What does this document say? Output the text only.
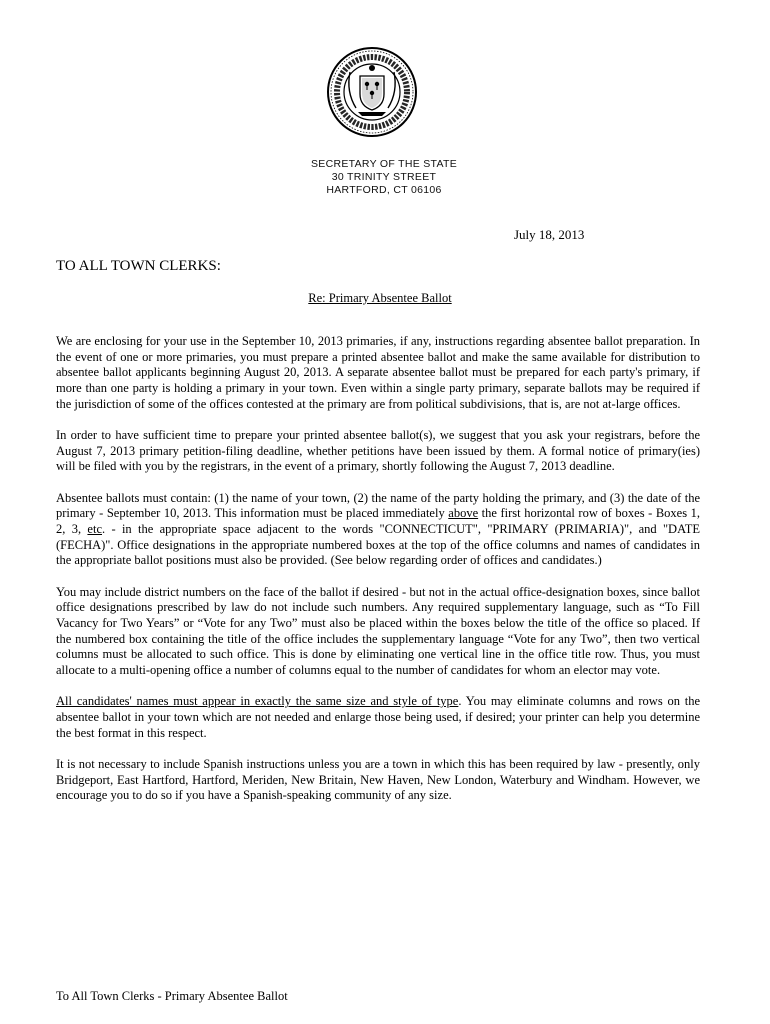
SECRETARY OF THE STATE
30 TRINITY STREET
HARTFORD, CT 06106
July 18, 2013
TO ALL TOWN CLERKS:
Re: Primary Absentee Ballot

We are enclosing for your use in the September 10, 2013 primaries, if any, instructions regarding absentee ballot preparation. In the event of one or more primaries, you must prepare a printed absentee ballot and make the same available for distribution to absentee ballot applicants beginning August 20, 2013. A separate absentee ballot must be prepared for each party's primary, if more than one party is holding a primary in your town. Even within a single party primary, separate ballots may be required if the jurisdiction of some of the offices contested at the primary are from political subdivisions, that is, are not at-large offices.

In order to have sufficient time to prepare your printed absentee ballot(s), we suggest that you ask your registrars, before the August 7, 2013 primary petition-filing deadline, whether petitions have been issued by them. A formal notice of primary(ies) will be filed with you by the registrars, in the event of a primary, shortly following the August 7, 2013 deadline.

Absentee ballots must contain: (1) the name of your town, (2) the name of the party holding the primary, and (3) the date of the primary - September 10, 2013. This information must be placed immediately above the first horizontal row of boxes - Boxes 1, 2, 3, etc. - in the appropriate space adjacent to the words "CONNECTICUT", "PRIMARY (PRIMARIA)", and "DATE (FECHA)". Office designations in the appropriate numbered boxes at the top of the office columns and names of candidates in the appropriate ballot positions must also be provided. (See below regarding order of offices and candidates.)

You may include district numbers on the face of the ballot if desired - but not in the actual office-designation boxes, since ballot office designations prescribed by law do not include such numbers. Any required supplementary language, such as “To Fill Vacancy for Two Years” or “Vote for any Two” must also be placed within the boxes below the title of the office so placed. If the numbered box containing the title of the office includes the supplementary language “Vote for any Two”, then two vertical columns must be allocated to such office. This is done by eliminating one vertical line in the office title row. Thus, you must allocate to a multi-opening office a number of columns equal to the number of candidates for whom an elector may vote.

All candidates' names must appear in exactly the same size and style of type. You may eliminate columns and rows on the absentee ballot in your town which are not needed and enlarge those being used, if desired; your printer can help you determine the best format in this respect.

It is not necessary to include Spanish instructions unless you are a town in which this has been required by law - presently, only Bridgeport, East Hartford, Hartford, Meriden, New Britain, New Haven, New London, Waterbury and Windham. However, we encourage you to do so if you have a Spanish-speaking community of any size.

To All Town Clerks - Primary Absentee Ballot
